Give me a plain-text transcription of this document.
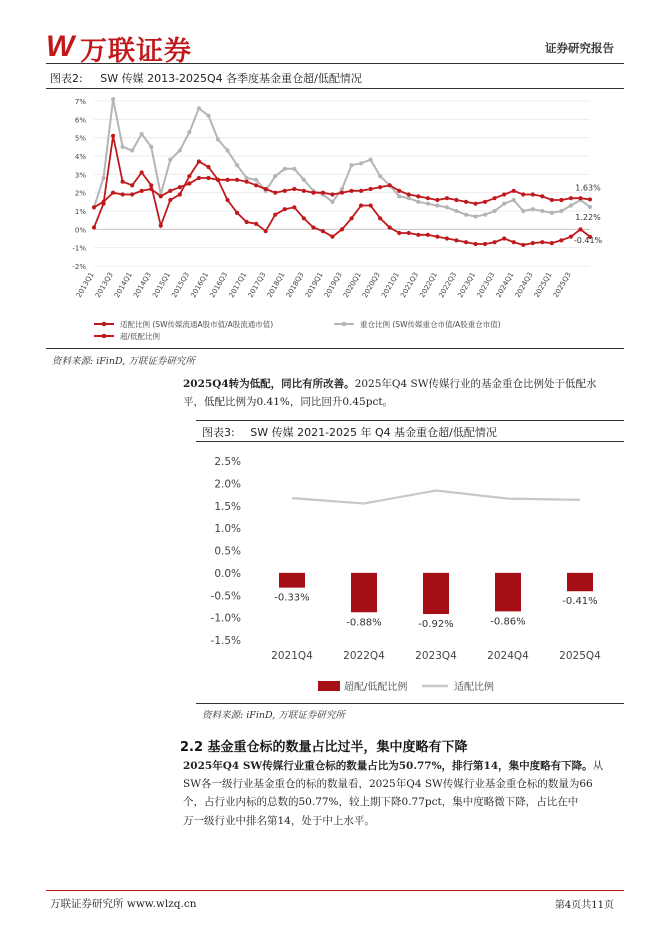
W 万联证券	证券研究报告
图表2: SW 传媒 2013-2025Q4 各季度基金重仓超/低配情况
7%
6%
5%
4%
3%
2%
1%
0%
-1%
-2%
2013Q1
2013Q3
2014Q1
2014Q3
2015Q1
2015Q3
2016Q1
2016Q3
2017Q1
2017Q3
2018Q1
2018Q3
2019Q1
2019Q3
2020Q1
2020Q3
2021Q1
2021Q3
2022Q1
2022Q3
2023Q1
2023Q3
2024Q1
2024Q3
2025Q1
2025Q3
1.63%
1.22%
-0.41%
适配比例 (SW传媒流通A股市值/A股流通市值)	重仓比例 (SW传媒重仓市值/A股重仓市值)
超/低配比例
资料来源: iFinD, 万联证券研究所
2025Q4转为低配，同比有所改善。2025年Q4 SW传媒行业的基金重仓比例处于低配水
平，低配比例为0.41%，同比回升0.45pct。
图表3: SW 传媒 2021-2025 年 Q4 基金重仓超/低配情况
2.5%
2.0%
1.5%
1.0%
0.5%
0.0%
-0.5%
-1.0%
-1.5%
-0.33%
-0.88%	-0.92%	-0.86%
-0.41%
2021Q4	2022Q4	2023Q4	2024Q4	2025Q4
超配/低配比例	适配比例
资料来源: iFinD, 万联证券研究所
2.2 基金重仓标的数量占比过半，集中度略有下降
2025年Q4 SW传媒行业重仓标的数量占比为50.77%，排行第14，集中度略有下降。从
SW各一级行业基金重仓的标的数量看，2025年Q4 SW传媒行业基金重仓标的数量为66
个，占行业内标的总数的50.77%，较上期下降0.77pct，集中度略微下降，占比在中
万一级行业中排名第14，处于中上水平。
万联证券研究所 www.wlzq.cn	第4页共11页
